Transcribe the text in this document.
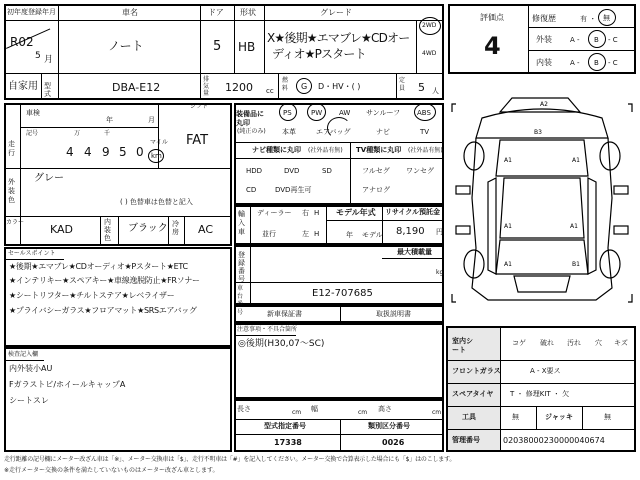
初年度登録年月
R02
5 月
車名
ノート
ドア
5
形状
HB
グレード
X★後期★エマブレ★CDオー
ディオ★Pスタート
2WD
4WD
自家用 型式	DBA-E12
排気量 1200 cc
燃料 G D・HV・( )
定員 5 人
評価点
4
修復歴	有 ・ 無
外装	A - B - C
内装	A - B - C
車検
年	月
シフト
FAT
走行
記号	万	千
4 4 9 5 0
マイル
km
外装色
グレー
( ) 色替車は色替と記入
カラー
KAD
内装色
ブラック 冷房 AC
装備品に丸印
(純正のみ)
PS	PW AW サンルーフ ABS
本革	エアバッグ	ナビ	TV
ナビ種類に丸印 (社外品有無) TV種類に丸印 (社外品有無)
HDD	DVD	SD
CD	DVD再生可
フルセグ ワンセグ
アナログ
輸入車
ディーラー
並行
右 H
左 H
モデル年式
年 モデル
リサイクル預託金
8,190 円
セールスポイント
★後期★エマブレ★CDオーディオ★Pスタート★ETC
★インテリキー★スペアキー★車線逸脱防止★FRソナー
★シートリフター★チルトステア★レベライザー
★プライバシーガラス★フロアマット★SRSエアバッグ
登録番号
最大積載量
kg
車台番号
E12-707685
新車保証書	取扱説明書
注意事項・不具合箇所
◎後期(H30,07～SC)
検査記入欄
内外装小AU
Fガラストビ/ホイールキャップA
シートスレ
長さ	cm 幅	cm 高さ	cm
型式指定番号	類別区分番号
17338	0026
室内シート
コゲ 破れ 汚れ 穴 キズ
フロントガラス	A - X要ス
スペアタイヤ T ・ 修理KIT ・ 欠
工具	無	ジャッキ	無
管理番号	02038000230000040674
A2
B3
A1	A1
A1	A1
A1	B1
走行距離の記号欄にメーター改ざん車は「※」、メーター交換車は「$」、走行不明車は「#」を記入してください。メーター交換で合算表示した場合にも「$」はのこします。
※走行メーター交換の条件を満たしていないものはメーター改ざん車とします。
